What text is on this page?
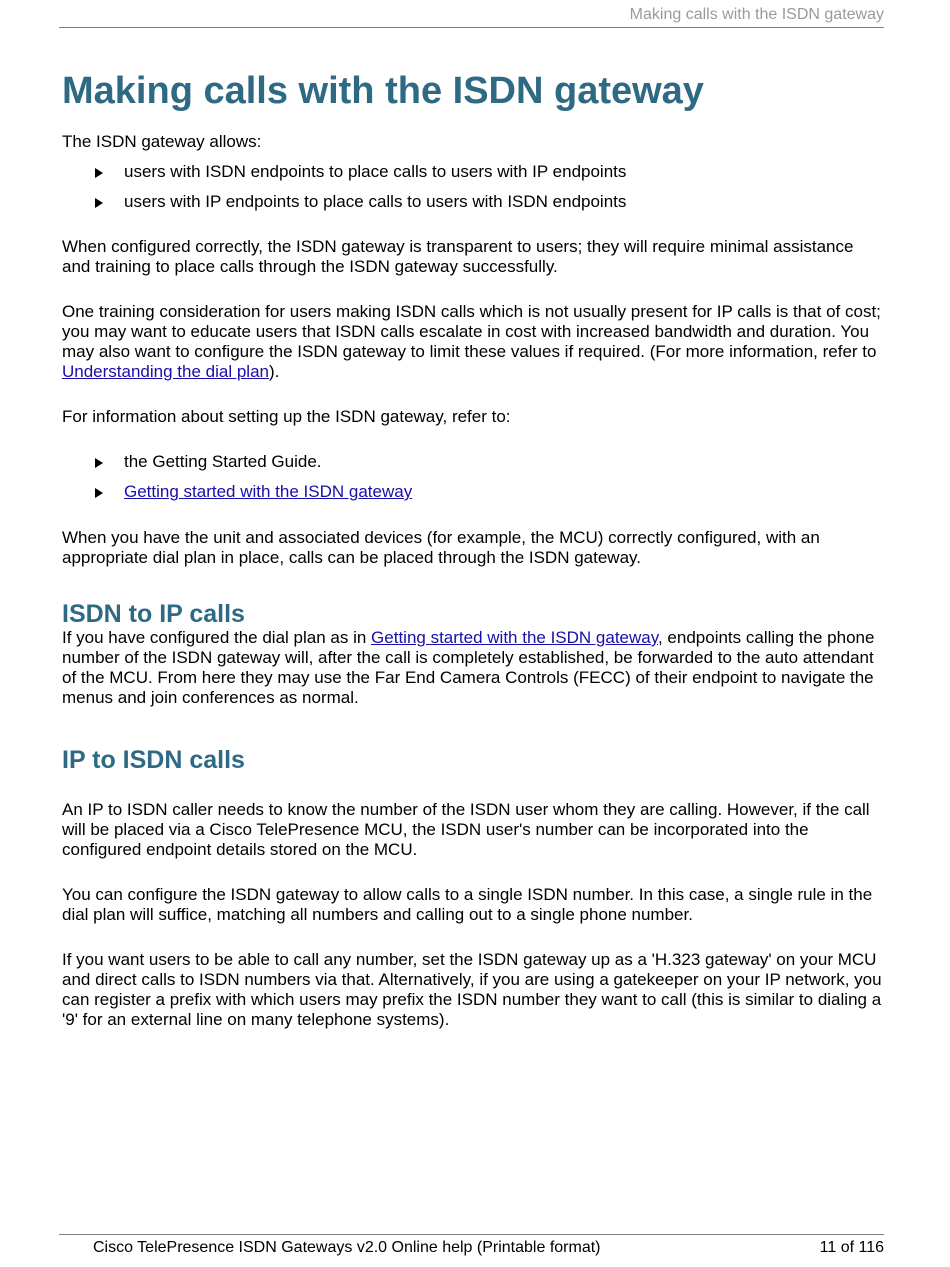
Making calls with the ISDN gateway
Making calls with the ISDN gateway

The ISDN gateway allows:

users with ISDN endpoints to place calls to users with IP endpoints
users with IP endpoints to place calls to users with ISDN endpoints

When configured correctly, the ISDN gateway is transparent to users; they will require minimal assistance and training to place calls through the ISDN gateway successfully.

One training consideration for users making ISDN calls which is not usually present for IP calls is that of cost; you may want to educate users that ISDN calls escalate in cost with increased bandwidth and duration. You may also want to configure the ISDN gateway to limit these values if required. (For more information, refer to Understanding the dial plan).

For information about setting up the ISDN gateway, refer to:

the Getting Started Guide.
Getting started with the ISDN gateway

When you have the unit and associated devices (for example, the MCU) correctly configured, with an appropriate dial plan in place, calls can be placed through the ISDN gateway.

ISDN to IP calls

If you have configured the dial plan as in Getting started with the ISDN gateway, endpoints calling the phone number of the ISDN gateway will, after the call is completely established, be forwarded to the auto attendant of the MCU. From here they may use the Far End Camera Controls (FECC) of their endpoint to navigate the menus and join conferences as normal.

IP to ISDN calls

An IP to ISDN caller needs to know the number of the ISDN user whom they are calling. However, if the call will be placed via a Cisco TelePresence MCU, the ISDN user's number can be incorporated into the configured endpoint details stored on the MCU.

You can configure the ISDN gateway to allow calls to a single ISDN number. In this case, a single rule in the dial plan will suffice, matching all numbers and calling out to a single phone number.

If you want users to be able to call any number, set the ISDN gateway up as a 'H.323 gateway' on your MCU and direct calls to ISDN numbers via that. Alternatively, if you are using a gatekeeper on your IP network, you can register a prefix with which users may prefix the ISDN number they want to call (this is similar to dialing a '9' for an external line on many telephone systems).

Cisco TelePresence ISDN Gateways v2.0 Online help (Printable format)	11 of 116
